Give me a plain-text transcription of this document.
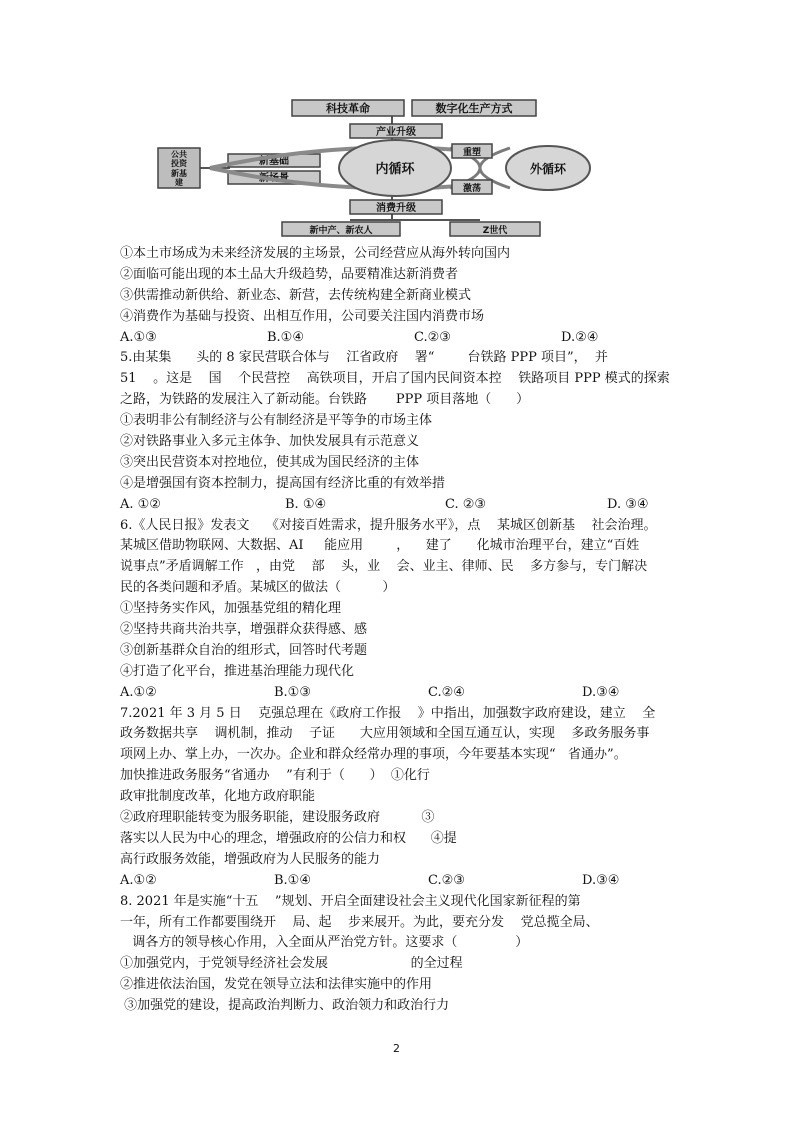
科技革命	数字化生产方式
产业升级
公共
投资
新基
建
新基础
新场景
内循环	外循环
重塑
激荡
消费升级
新中产、新农人	Z世代
①本土市场成为未来经济发展的主场景，公司经营应从海外转向国内
②面临可能出现的本土品大升级趋势，品要精准达新消费者
③供需推动新供给、新业态、新营，去传统构建全新商业模式
④消费作为基础与投资、出相互作用，公司要关注国内消费市场
A.①③	B.①④	C.②③	D.②④
5.由某集      头的 8 家民营联合体与    江省政府    署“        台铁路 PPP 项目”，  并
51    。这是    国    个民营控    高铁项目，开启了国内民间资本控    铁路项目 PPP 模式的探索
之路，为铁路的发展注入了新动能。台铁路       PPP 项目落地（      ）
①表明非公有制经济与公有制经济是平等争的市场主体
②对铁路事业入多元主体争、加快发展具有示范意义
③突出民营资本对控地位，使其成为国民经济的主体
④是增强国有资本控制力，提高国有经济比重的有效举措
A. ①②	B. ①④	C. ②③	D. ③④
6.《人民日报》发表文    《对接百姓需求，提升服务水平》，点    某城区创新基    社会治理。
某城区借助物联网、大数据、AI     能应用        ，    建了      化城市治理平台，建立“百姓
说事点”矛盾调解工作   ，由党    部    头，业    会、业主、律师、民    多方参与，专门解决
民的各类问题和矛盾。某城区的做法（          ）
①坚持务实作风，加强基党组的精化理
②坚持共商共治共享，增强群众获得感、感
③创新基群众自治的组形式，回答时代考题
④打造了化平台，推进基治理能力现代化
A.①②	B.①③	C.②④	D.③④
7.2021 年 3 月 5 日    克强总理在《政府工作报    》中指出，加强数字政府建设，建立    全
政务数据共享    调机制，推动    子证      大应用领域和全国互通互认，实现    多政务服务事
项网上办、掌上办，一次办。企业和群众经常办理的事项，今年要基本实现“   省通办”。
加快推进政务服务“省通办    ”有利于（      ）  ①化行
政审批制度改革，化地方政府职能
②政府理职能转变为服务职能，建设服务政府          ③
落实以人民为中心的理念，增强政府的公信力和权      ④提
高行政服务效能，增强政府为人民服务的能力
A.①②	B.①④	C.②③	D.③④
8. 2021 年是实施“十五    ”规划、开启全面建设社会主义现代化国家新征程的第
一年，所有工作都要围绕开    局、起    步来展开。为此，要充分发    党总揽全局、
调各方的领导核心作用，入全面从严治党方针。这要求（              ）
①加强党内，于党领导经济社会发展                    的全过程
②推进依法治国，发党在领导立法和法律实施中的作用
③加强党的建设，提高政治判断力、政治领力和政治行力
2
